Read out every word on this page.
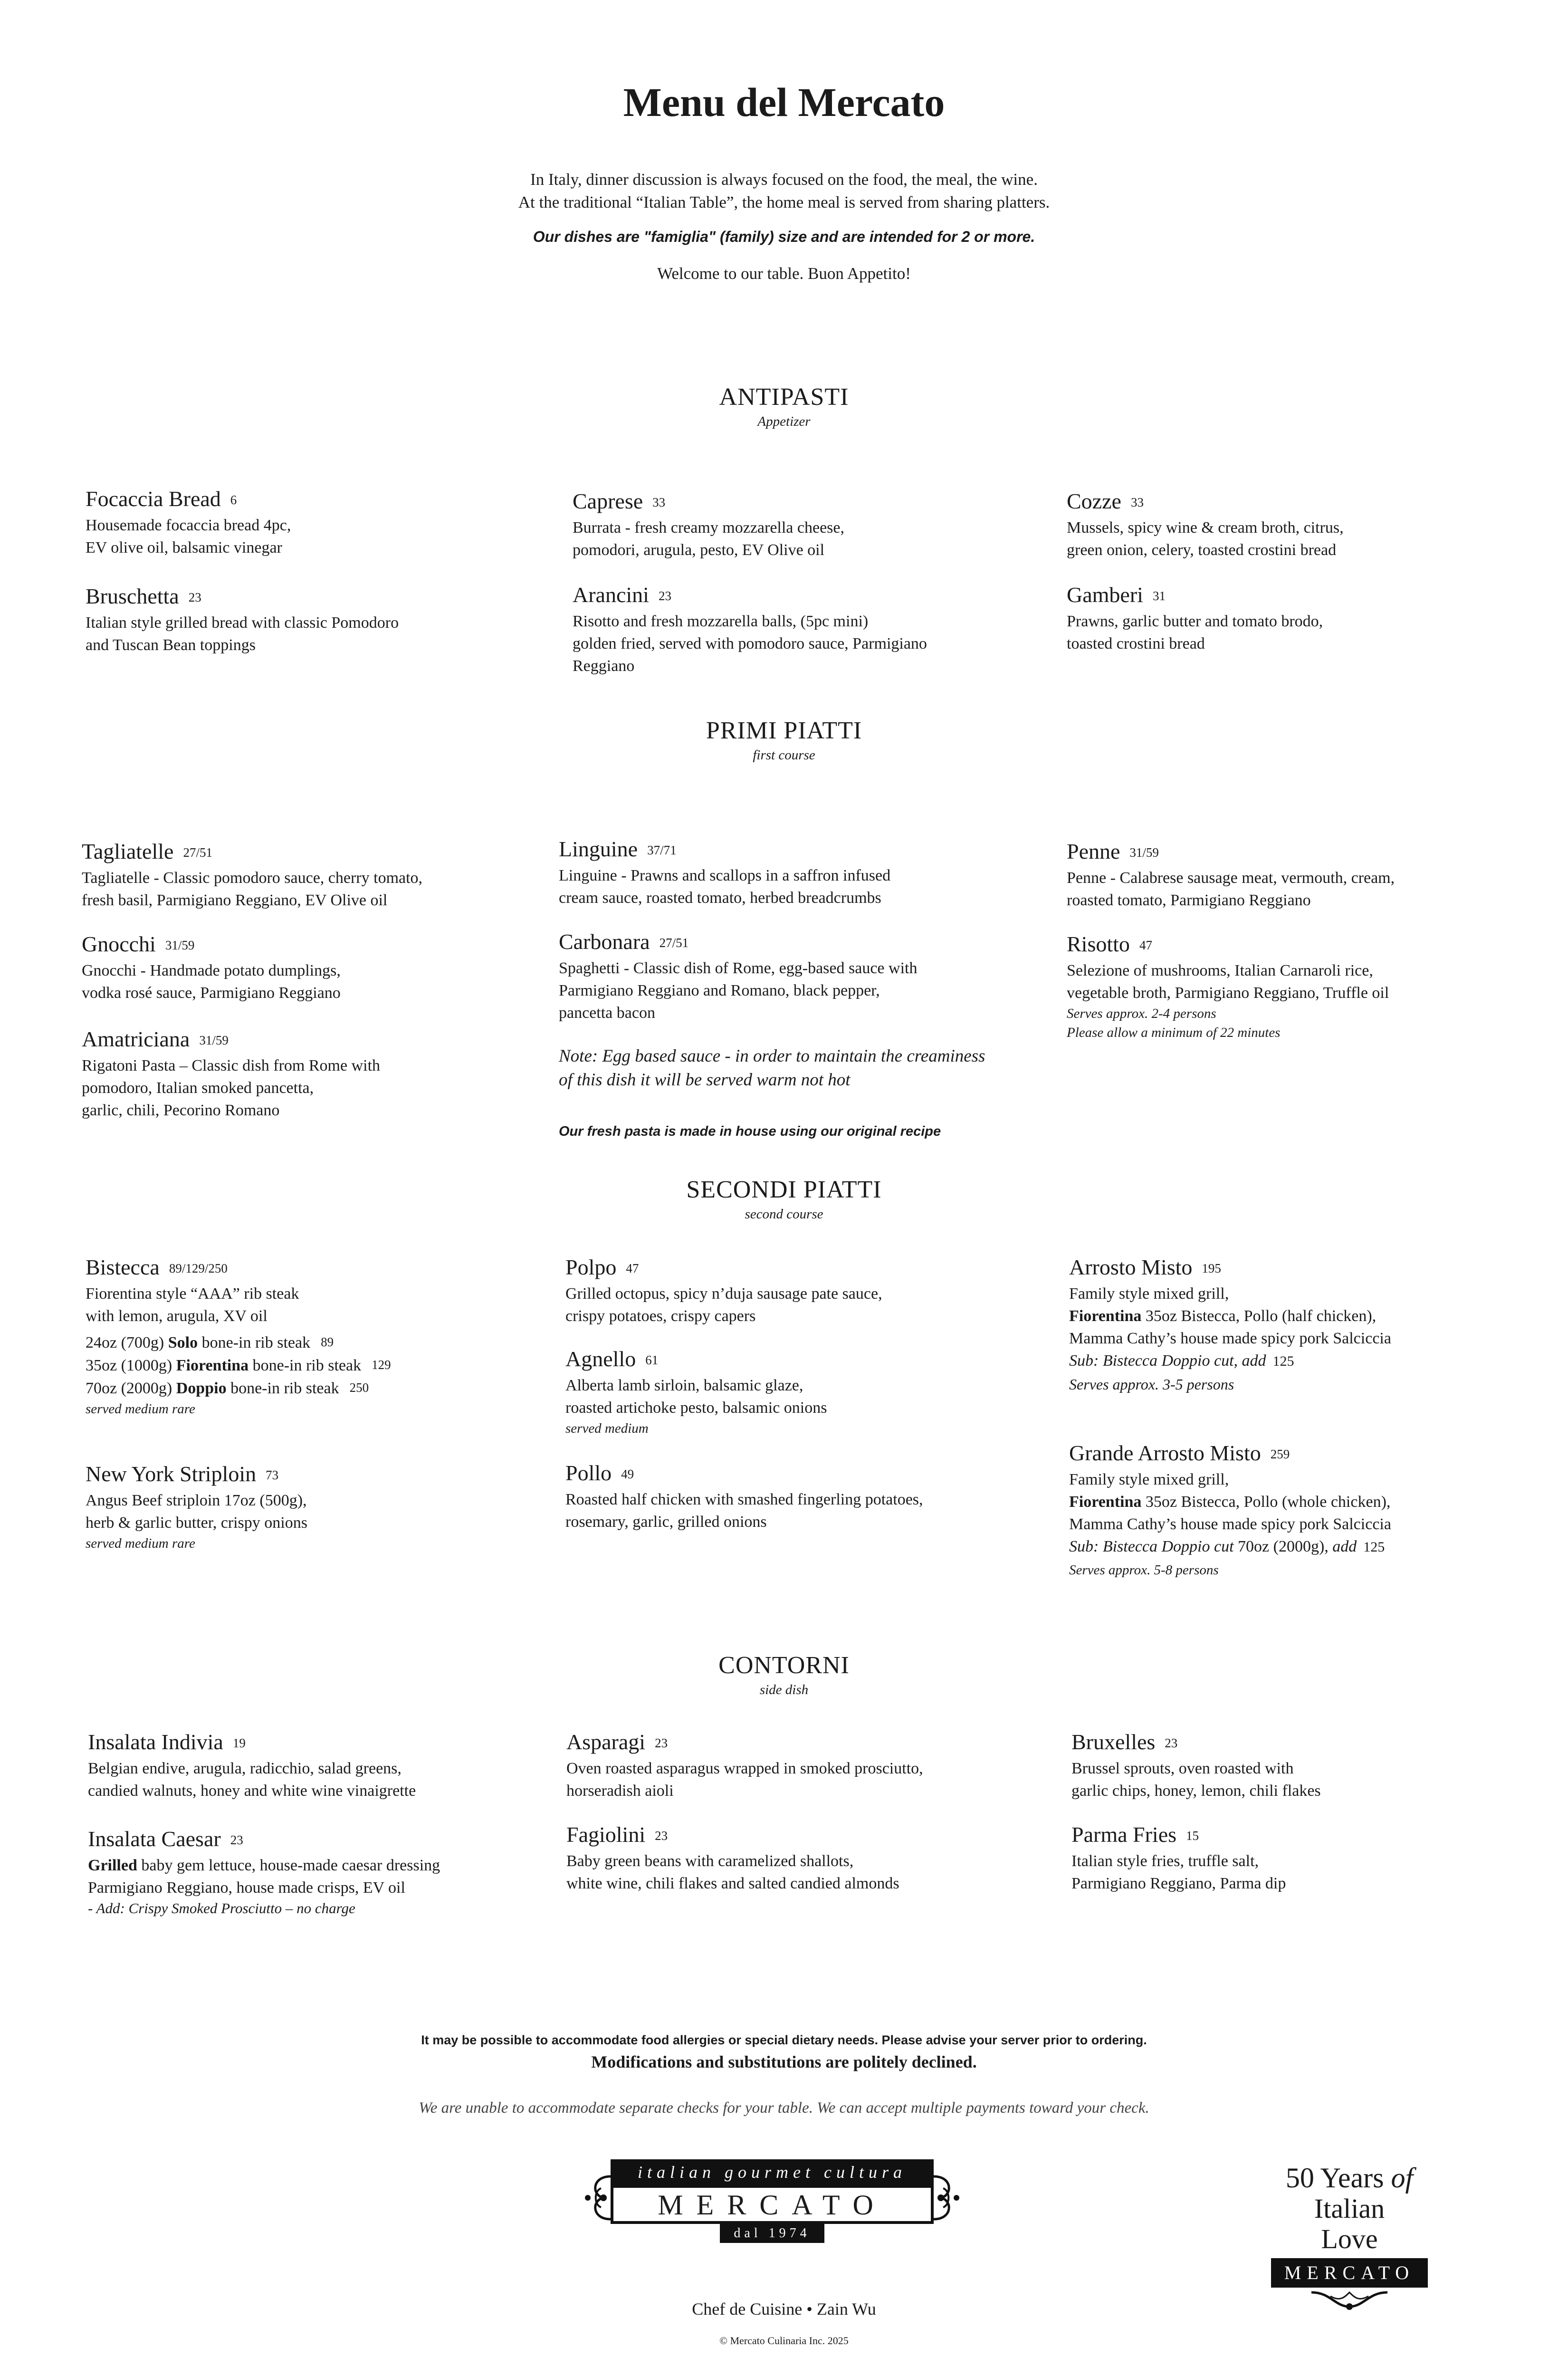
Menu del Mercato
In Italy, dinner discussion is always focused on the food, the meal, the wine.
At the traditional “Italian Table”, the home meal is served from sharing platters.
Our dishes are "famiglia" (family) size and are intended for 2 or more.
Welcome to our table. Buon Appetito!
ANTIPASTI
Appetizer
Focaccia Bread 6
Housemade focaccia bread 4pc,
EV olive oil, balsamic vinegar
Bruschetta 23
Italian style grilled bread with classic Pomodoro
and Tuscan Bean toppings
Caprese 33
Burrata - fresh creamy mozzarella cheese,
pomodori, arugula, pesto, EV Olive oil
Arancini 23
Risotto and fresh mozzarella balls, (5pc mini)
golden fried, served with pomodoro sauce, Parmigiano
Reggiano
Cozze 33
Mussels, spicy wine & cream broth, citrus,
green onion, celery, toasted crostini bread
Gamberi 31
Prawns, garlic butter and tomato brodo,
toasted crostini bread
PRIMI PIATTI
first course
Tagliatelle 27/51
Tagliatelle - Classic pomodoro sauce, cherry tomato,
fresh basil, Parmigiano Reggiano, EV Olive oil
Gnocchi 31/59
Gnocchi - Handmade potato dumplings,
vodka rosé sauce, Parmigiano Reggiano
Amatriciana 31/59
Rigatoni Pasta – Classic dish from Rome with
pomodoro, Italian smoked pancetta,
garlic, chili, Pecorino Romano
Linguine 37/71
Linguine - Prawns and scallops in a saffron infused
cream sauce, roasted tomato, herbed breadcrumbs
Carbonara 27/51
Spaghetti - Classic dish of Rome, egg-based sauce with
Parmigiano Reggiano and Romano, black pepper,
pancetta bacon
Note: Egg based sauce - in order to maintain the creaminess
of this dish it will be served warm not hot
Our fresh pasta is made in house using our original recipe
Penne 31/59
Penne - Calabrese sausage meat, vermouth, cream,
roasted tomato, Parmigiano Reggiano
Risotto 47
Selezione of mushrooms, Italian Carnaroli rice,
vegetable broth, Parmigiano Reggiano, Truffle oil
Serves approx. 2-4 persons
Please allow a minimum of 22 minutes
SECONDI PIATTI
second course
Bistecca 89/129/250
Fiorentina style “AAA” rib steak
with lemon, arugula, XV oil
24oz (700g) Solo bone-in rib steak 89
35oz (1000g) Fiorentina bone-in rib steak 129
70oz (2000g) Doppio bone-in rib steak 250
served medium rare
New York Striploin 73
Angus Beef striploin 17oz (500g),
herb & garlic butter, crispy onions
served medium rare
Polpo 47
Grilled octopus, spicy n’duja sausage pate sauce,
crispy potatoes, crispy capers
Agnello 61
Alberta lamb sirloin, balsamic glaze,
roasted artichoke pesto, balsamic onions
served medium
Pollo 49
Roasted half chicken with smashed fingerling potatoes,
rosemary, garlic, grilled onions
Arrosto Misto 195
Family style mixed grill,
Fiorentina 35oz Bistecca, Pollo (half chicken),
Mamma Cathy’s house made spicy pork Salciccia
Sub: Bistecca Doppio cut, add 125
Serves approx. 3-5 persons
Grande Arrosto Misto 259
Family style mixed grill,
Fiorentina 35oz Bistecca, Pollo (whole chicken),
Mamma Cathy’s house made spicy pork Salciccia
Sub: Bistecca Doppio cut 70oz (2000g), add 125
Serves approx. 5-8 persons
CONTORNI
side dish
Insalata Indivia 19
Belgian endive, arugula, radicchio, salad greens,
candied walnuts, honey and white wine vinaigrette
Insalata Caesar 23
Grilled baby gem lettuce, house-made caesar dressing
Parmigiano Reggiano, house made crisps, EV oil
- Add: Crispy Smoked Prosciutto – no charge
Asparagi 23
Oven roasted asparagus wrapped in smoked prosciutto,
horseradish aioli
Fagiolini 23
Baby green beans with caramelized shallots,
white wine, chili flakes and salted candied almonds
Bruxelles 23
Brussel sprouts, oven roasted with
garlic chips, honey, lemon, chili flakes
Parma Fries 15
Italian style fries, truffle salt,
Parmigiano Reggiano, Parma dip
It may be possible to accommodate food allergies or special dietary needs. Please advise your server prior to ordering.
Modifications and substitutions are politely declined.
We are unable to accommodate separate checks for your table. We can accept multiple payments toward your check.
italian gourmet cultura
MERCATO
dal 1974
50 Years of
Italian Love
MERCATO
Chef de Cuisine • Zain Wu
© Mercato Culinaria Inc. 2025
